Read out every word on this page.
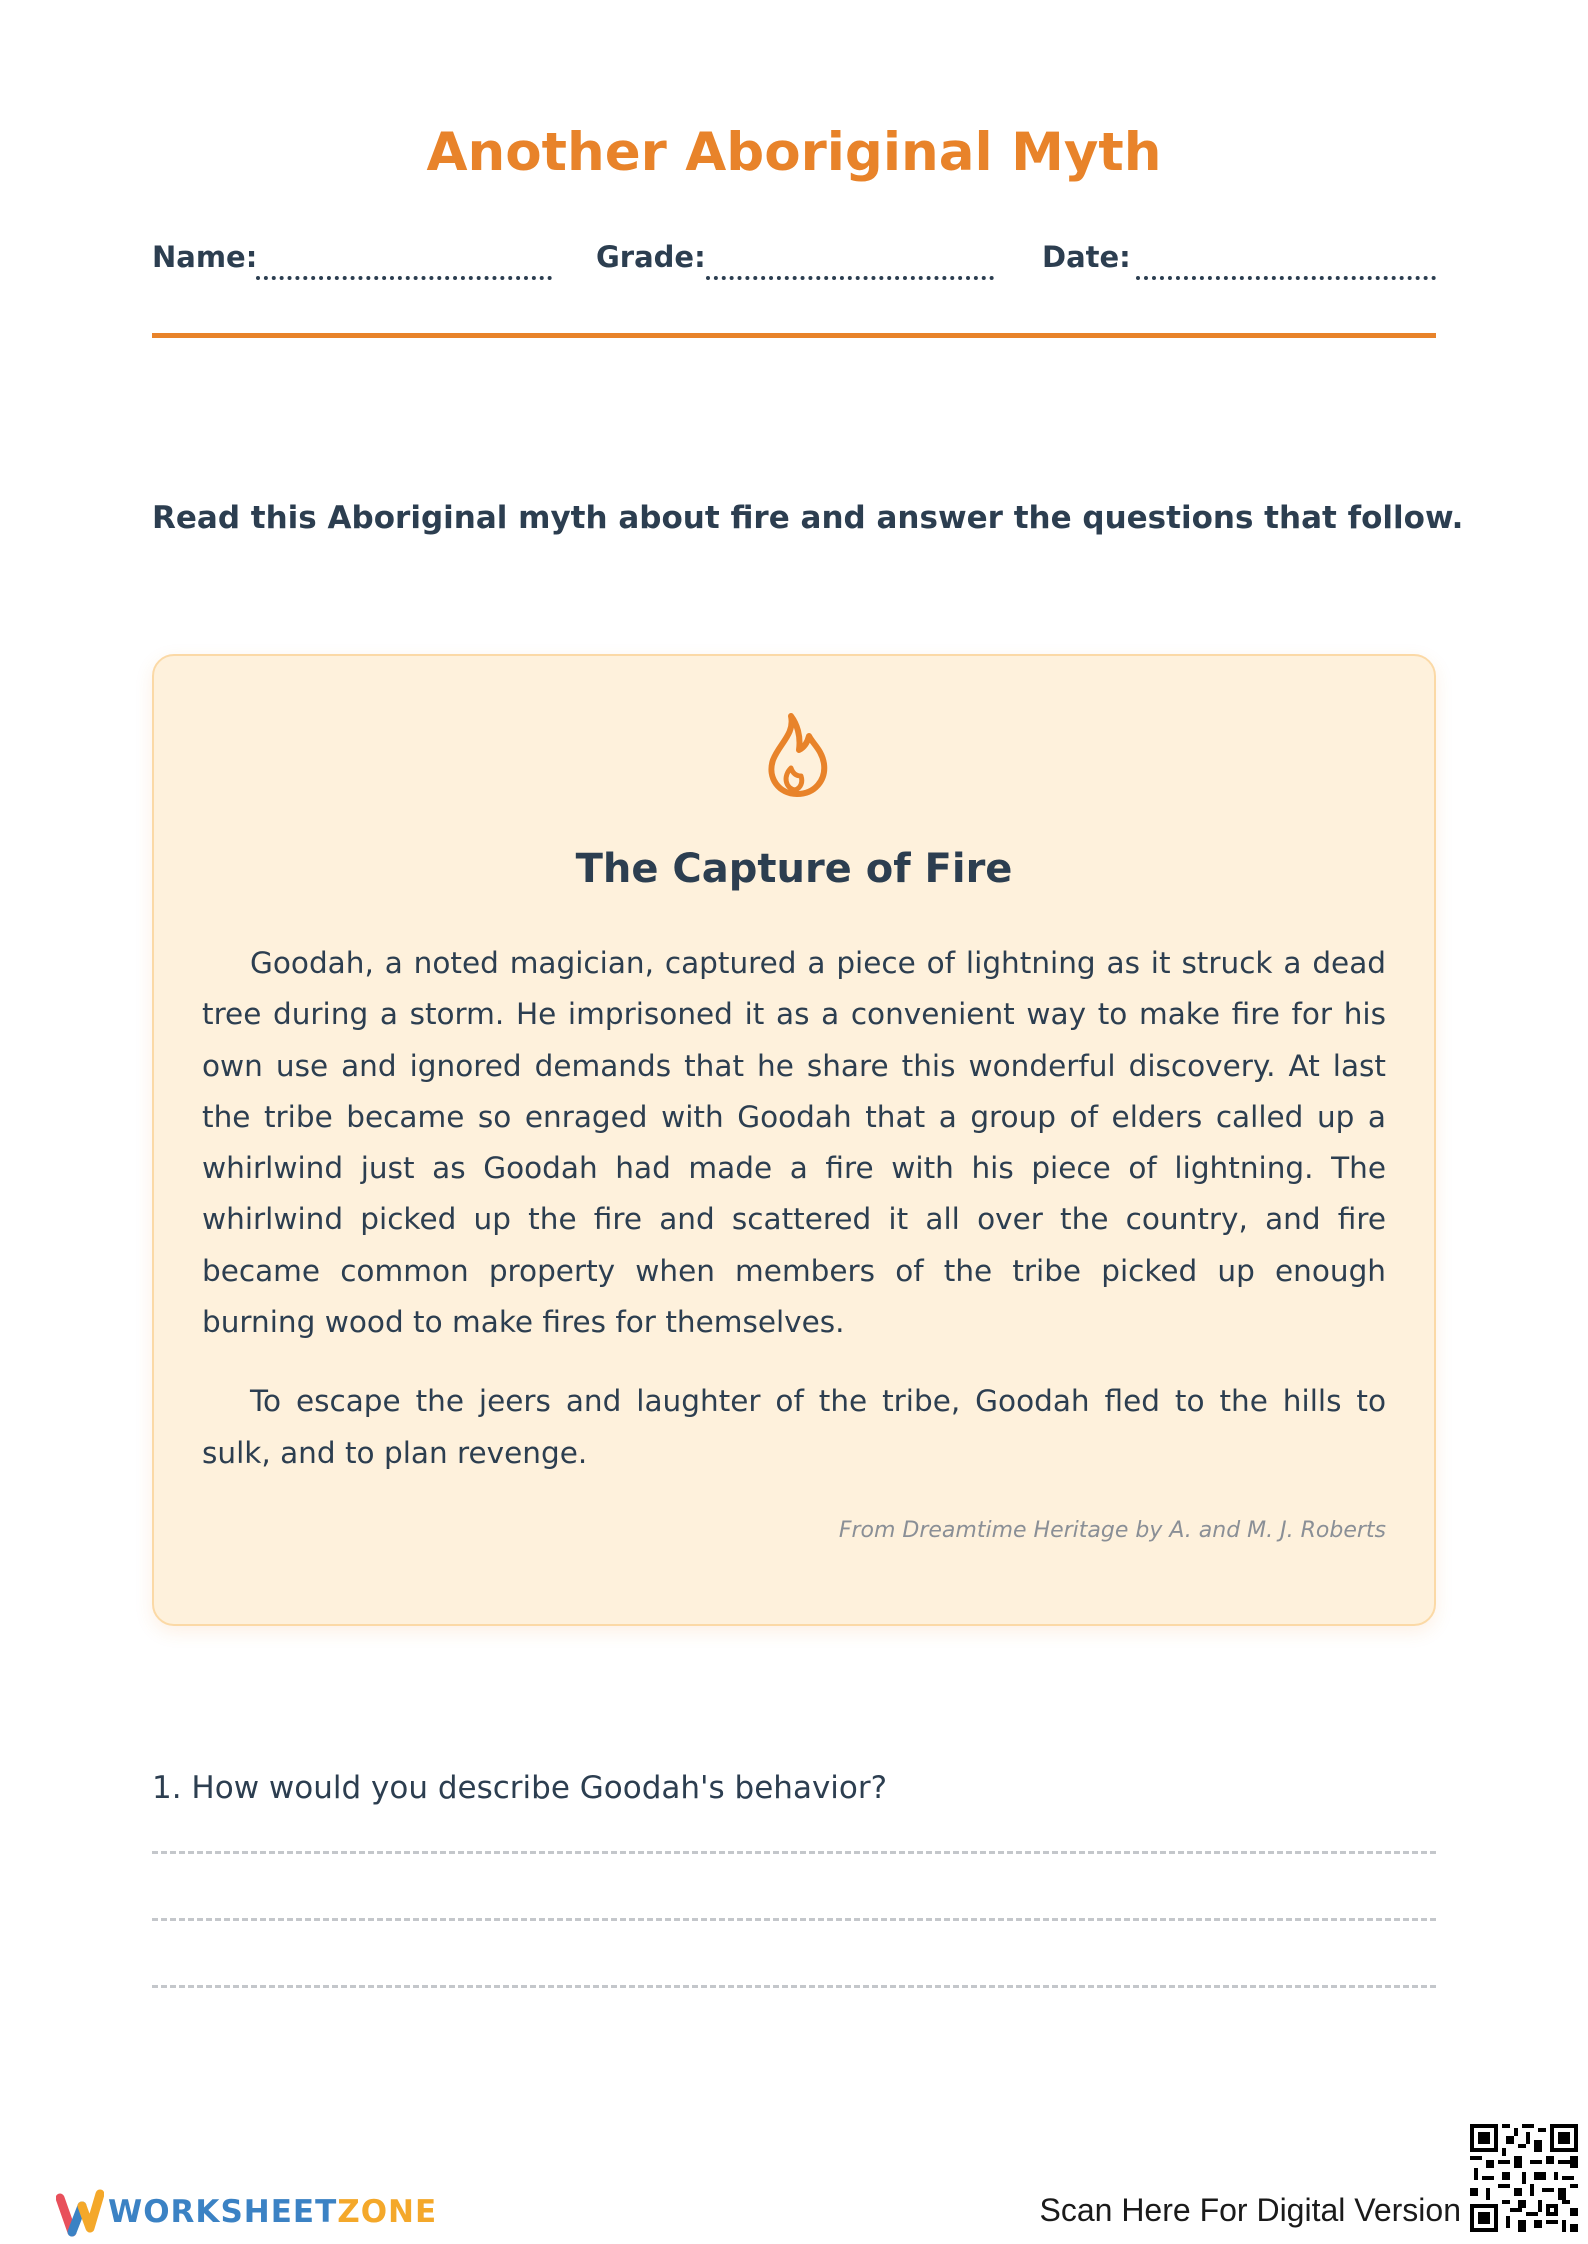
Another Aboriginal Myth
Name:	Grade:	Date:

Read this Aboriginal myth about fire and answer the questions that follow.

The Capture of Fire

Goodah, a noted magician, captured a piece of lightning as it struck a dead tree during a storm. He imprisoned it as a convenient way to make fire for his own use and ignored demands that he share this wonderful discovery. At last the tribe became so enraged with Goodah that a group of elders called up a whirlwind just as Goodah had made a fire with his piece of lightning. The whirlwind picked up the fire and scattered it all over the country, and fire became common property when members of the tribe picked up enough burning wood to make fires for themselves.

To escape the jeers and laughter of the tribe, Goodah fled to the hills to sulk, and to plan revenge.

From Dreamtime Heritage by A. and M. J. Roberts

1. How would you describe Goodah's behavior?

WORKSHEETZONE	Scan Here For Digital Version
